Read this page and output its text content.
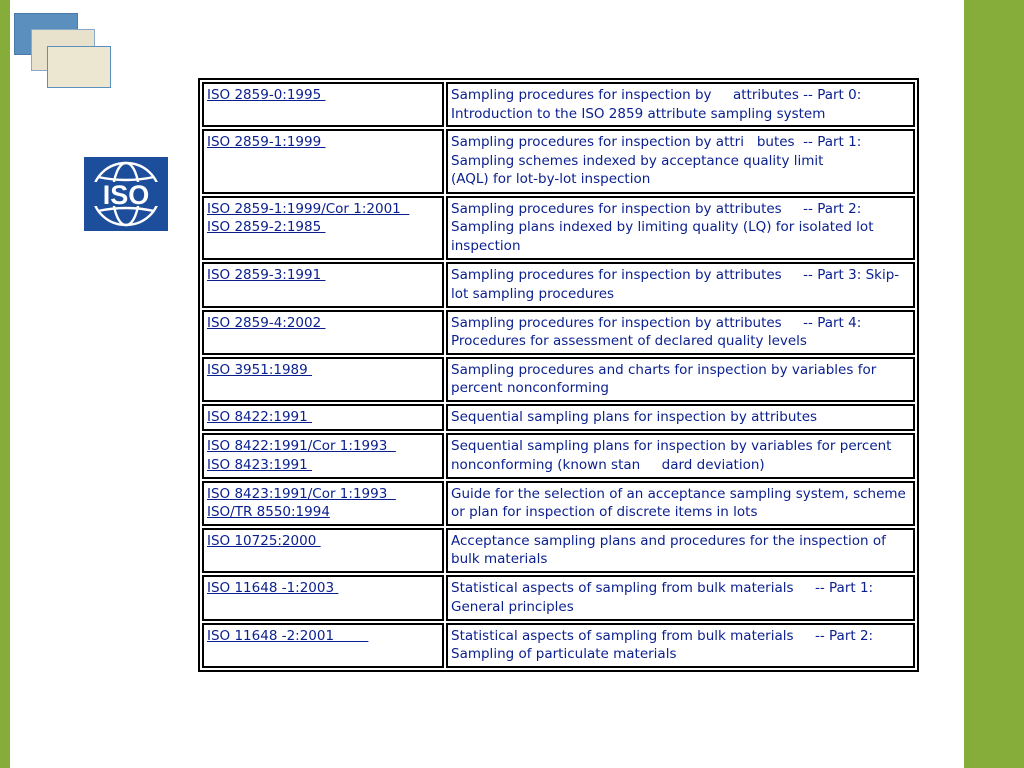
ISO
ISO 2859-0:1995	Sampling procedures for inspection by     attributes -- Part 0: Introduction to the ISO 2859 attribute sampling system

ISO 2859-1:1999	Sampling procedures for inspection by attri   butes  -- Part 1: Sampling schemes indexed by acceptance quality limit
(AQL) for lot-by-lot inspection

ISO 2859-1:1999/Cor 1:2001
ISO 2859-2:1985	Sampling procedures for inspection by attributes     -- Part 2: Sampling plans indexed by limiting quality (LQ) for isolated lot inspection

ISO 2859-3:1991	Sampling procedures for inspection by attributes     -- Part 3: Skip-lot sampling procedures

ISO 2859-4:2002	Sampling procedures for inspection by attributes     -- Part 4: Procedures for assessment of declared quality levels

ISO 3951:1989	Sampling procedures and charts for inspection by variables for percent nonconforming

ISO 8422:1991	Sequential sampling plans for inspection by attributes

ISO 8422:1991/Cor 1:1993
ISO 8423:1991	Sequential sampling plans for inspection by variables for percent nonconforming (known stan     dard deviation)

ISO 8423:1991/Cor 1:1993
ISO/TR 8550:1994	Guide for the selection of an acceptance sampling system, scheme or plan for inspection of discrete items in lots

ISO 10725:2000	Acceptance sampling plans and procedures for the inspection of bulk materials

ISO 11648 -1:2003	Statistical aspects of sampling from bulk materials     -- Part 1: General principles

ISO 11648 -2:2001	Statistical aspects of sampling from bulk materials     -- Part 2: Sampling of particulate materials
